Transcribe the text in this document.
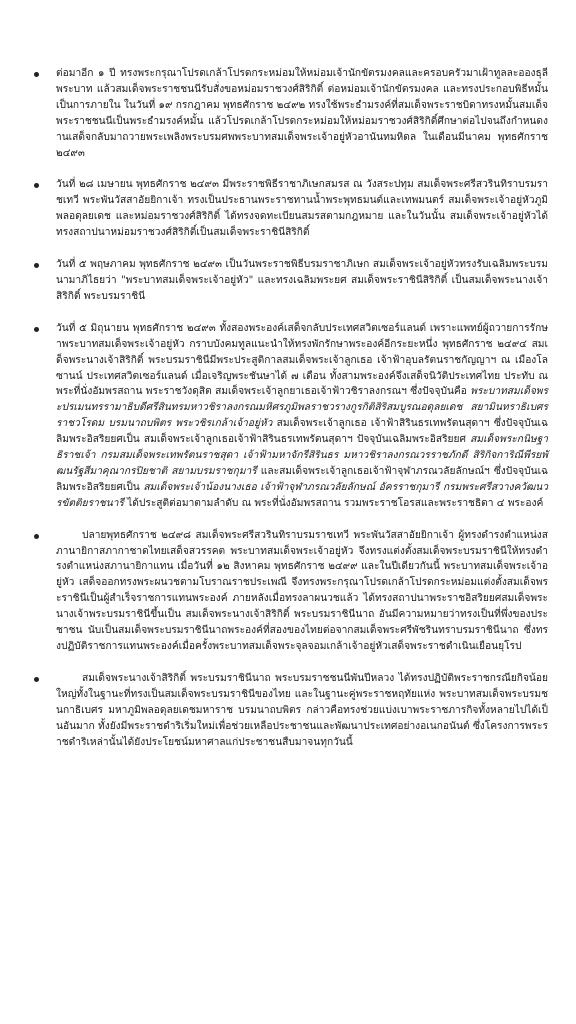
ต่อมาอีก ๑ ปี ทรงพระกรุณาโปรดเกล้าโปรดกระหม่อมให้หม่อมเจ้านักขัตรมงคลและครอบครัวมาเฝ้าทูลละอองธุลีพระบาท แล้วสมเด็จพระราชชนนีรับสั่งขอหม่อมราชวงศ์สิริกิติ์ ต่อหม่อมเจ้านักขัตรมงคล และทรงประกอบพิธีหมั้นเป็นการภายใน ในวันที่ ๑๙ กรกฎาคม พุทธศักราช ๒๔๙๒ ทรงใช้พระธำมรงค์ที่สมเด็จพระราชบิดาทรงหมั้นสมเด็จพระราชชนนีเป็นพระธำมรงค์หมั้น แล้วโปรดเกล้าโปรดกระหม่อมให้หม่อมราชวงศ์สิริกิติ์ศึกษาต่อไปจนถึงกำหนดงานเสด็จกลับมาถวายพระเพลิงพระบรมศพพระบาทสมเด็จพระเจ้าอยู่หัวอานันทมหิดล ในเดือนมีนาคม พุทธศักราช ๒๔๙๓
วันที่ ๒๘ เมษายน พุทธศักราช ๒๔๙๓ มีพระราชพิธีราชาภิเษกสมรส ณ วังสระปทุม สมเด็จพระศรีสวรินทิราบรมราชเทวี พระพันวัสสาอัยยิกาเจ้า ทรงเป็นประธานพระราชทานน้ำพระพุทธมนต์และเทพมนตร์ สมเด็จพระเจ้าอยู่หัวภูมิพลอดุลยเดช และหม่อมราชวงศ์สิริกิติ์ ได้ทรงจดทะเบียนสมรสตามกฎหมาย และในวันนั้น สมเด็จพระเจ้าอยู่หัวได้ทรงสถาปนาหม่อมราชวงศ์สิริกิติ์เป็นสมเด็จพระราชินีสิริกิติ์
วันที่ ๕ พฤษภาคม พุทธศักราช ๒๔๙๓ เป็นวันพระราชพิธีบรมราชาภิเษก สมเด็จพระเจ้าอยู่หัวทรงรับเฉลิมพระบรมนามาภิไธยว่า "พระบาทสมเด็จพระเจ้าอยู่หัว" และทรงเฉลิมพระยศ สมเด็จพระราชินีสิริกิติ์ เป็นสมเด็จพระนางเจ้าสิริกิติ์ พระบรมราชินี
วันที่ ๕ มิถุนายน พุทธศักราช ๒๔๙๓ ทั้งสองพระองค์เสด็จกลับประเทศสวิตเซอร์แลนด์ เพราะแพทย์ผู้ถวายการรักษาพระบาทสมเด็จพระเจ้าอยู่หัว กราบบังคมทูลแนะนำให้ทรงพักรักษาพระองค์อีกระยะหนึ่ง พุทธศักราช ๒๔๙๔ สมเด็จพระนางเจ้าสิริกิติ์ พระบรมราชินีมีพระประสูติกาลสมเด็จพระเจ้าลูกเธอ เจ้าฟ้าอุบลรัตนราชกัญญาฯ ณ เมืองโลซานน์ ประเทศสวิตเซอร์แลนด์ เมื่อเจริญพระชันษาได้ ๗ เดือน ทั้งสามพระองค์จึงเสด็จนิวัติประเทศไทย ประทับ ณ พระที่นั่งอัมพรสถาน พระราชวังดุสิต สมเด็จพระเจ้าลูกยาเธอเจ้าฟ้าวชิราลงกรณฯ ซึ่งปัจจุบันคือ พระบาทสมเด็จพระปรเมนทรรามาธิบดีศรีสินทรมหาวชิราลงกรณมหิศรภูมิพลราชวรางกูรกิติสิริสมบูรณอดุลยเดช สยามินทราธิเบศร ราชวโรดม บรมนาถบพิตร พระวชิรเกล้าเจ้าอยู่หัว สมเด็จพระเจ้าลูกเธอ เจ้าฟ้าสิรินธรเทพรัตนสุดาฯ ซึ่งปัจจุบันเฉลิมพระอิสริยยศเป็น สมเด็จพระเจ้าลูกเธอเจ้าฟ้าสิรินธรเทพรัตนสุดาฯ ปัจจุบันเฉลิมพระอิสริยยศ สมเด็จพระกนิษฐาธิราชเจ้า กรมสมเด็จพระเทพรัตนราชสุดา เจ้าฟ้ามหาจักรีสิรินธร มหาวชิราลงกรณวรราชภักดี สิริกิจการิณีพีรยพัฒนรัฐสีมาคุณากรปิยชาติ สยามบรมราชกุมารี และสมเด็จพระเจ้าลูกเธอเจ้าฟ้าจุฬาภรณวลัยลักษณ์ฯ ซึ่งปัจจุบันเฉลิมพระอิสริยยศเป็น สมเด็จพระเจ้าน้องนางเธอ เจ้าฟ้าจุฬาภรณวลัยลักษณ์ อัครราชกุมารี กรมพระศรีสวางควัฒนวรขัตติยราชนารี ได้ประสูติต่อมาตามลำดับ ณ พระที่นั่งอัมพรสถาน รวมพระราชโอรสและพระราชธิดา ๔ พระองค์
ปลายพุทธศักราช ๒๔๙๘ สมเด็จพระศรีสวรินทิราบรมราชเทวี พระพันวัสสาอัยยิกาเจ้า ผู้ทรงดำรงตำแหน่งสภานายิกาสภากาชาดไทยเสด็จสวรรคต พระบาทสมเด็จพระเจ้าอยู่หัว จึงทรงแต่งตั้งสมเด็จพระบรมราชินีให้ทรงดำรงตำแหน่งสภานายิกาแทน เมื่อวันที่ ๑๒ สิงหาคม พุทธศักราช ๒๔๙๙ และในปีเดียวกันนี้ พระบาทสมเด็จพระเจ้าอยู่หัว เสด็จออกทรงพระผนวชตามโบราณราชประเพณี จึงทรงพระกรุณาโปรดเกล้าโปรดกระหม่อมแต่งตั้งสมเด็จพระราชินีเป็นผู้สำเร็จราชการแทนพระองค์ ภายหลังเมื่อทรงลาผนวชแล้ว ได้ทรงสถาปนาพระราชอิสริยยศสมเด็จพระนางเจ้าพระบรมราชินีขึ้นเป็น สมเด็จพระนางเจ้าสิริกิติ์ พระบรมราชินีนาถ อันมีความหมายว่าทรงเป็นที่พึ่งของประชาชน นับเป็นสมเด็จพระบรมราชินีนาถพระองค์ที่สองของไทยต่อจากสมเด็จพระศรีพัชรินทราบรมราชินีนาถ ซึ่งทรงปฏิบัติราชการแทนพระองค์เมื่อครั้งพระบาทสมเด็จพระจุลจอมเกล้าเจ้าอยู่หัวเสด็จพระราชดำเนินเยือนยุโรป
สมเด็จพระนางเจ้าสิริกิติ์ พระบรมราชินีนาถ พระบรมราชชนนีพันปีหลวง ได้ทรงปฏิบัติพระราชกรณียกิจน้อยใหญ่ทั้งในฐานะที่ทรงเป็นสมเด็จพระบรมราชินีของไทย และในฐานะคู่พระราชหฤทัยแห่ง พระบาทสมเด็จพระบรมชนกาธิเบศร มหาภูมิพลอดุลยเดชมหาราช บรมนาถบพิตร กล่าวคือทรงช่วยแบ่งเบาพระราชภารกิจทั้งหลายไปได้เป็นอันมาก ทั้งยังมีพระราชดำริเริ่มใหม่เพื่อช่วยเหลือประชาชนและพัฒนาประเทศอย่างอเนกอนันต์ ซึ่งโครงการพระราชดำริเหล่านั้นได้ยังประโยชน์มหาศาลแก่ประชาชนสืบมาจนทุกวันนี้
